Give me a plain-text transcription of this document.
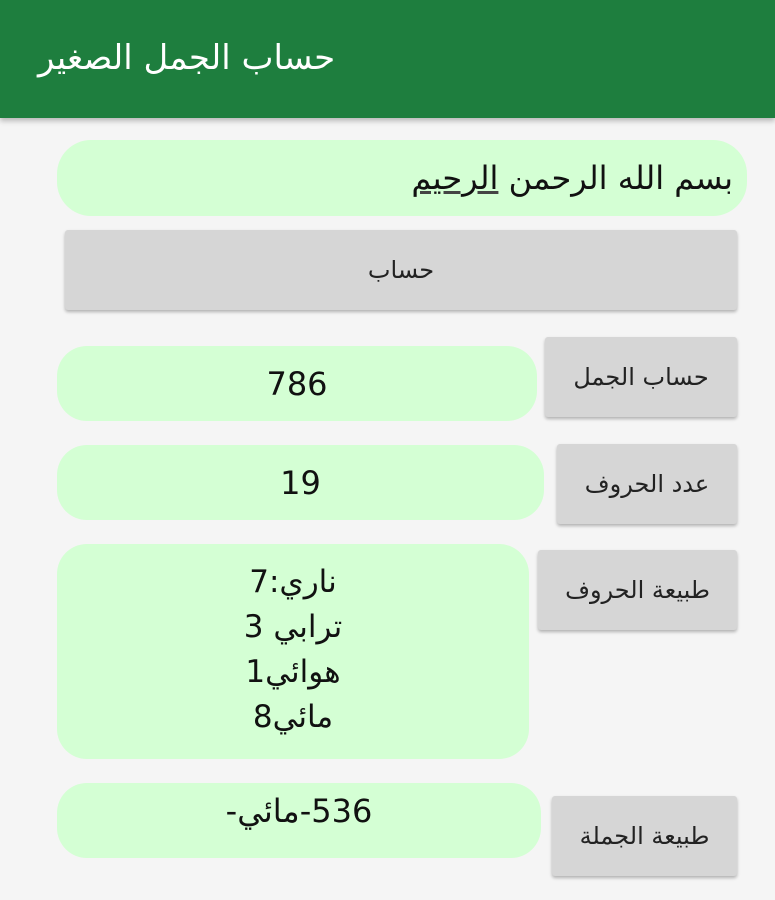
حساب الجمل الصغير
بسم الله الرحمن الرحيم
حساب
786	حساب الجمل
19	عدد الحروف
ناري:7
ترابي 3
هوائي1
مائي8
طبيعة الحروف
536-مائي-
طبيعة الجملة
